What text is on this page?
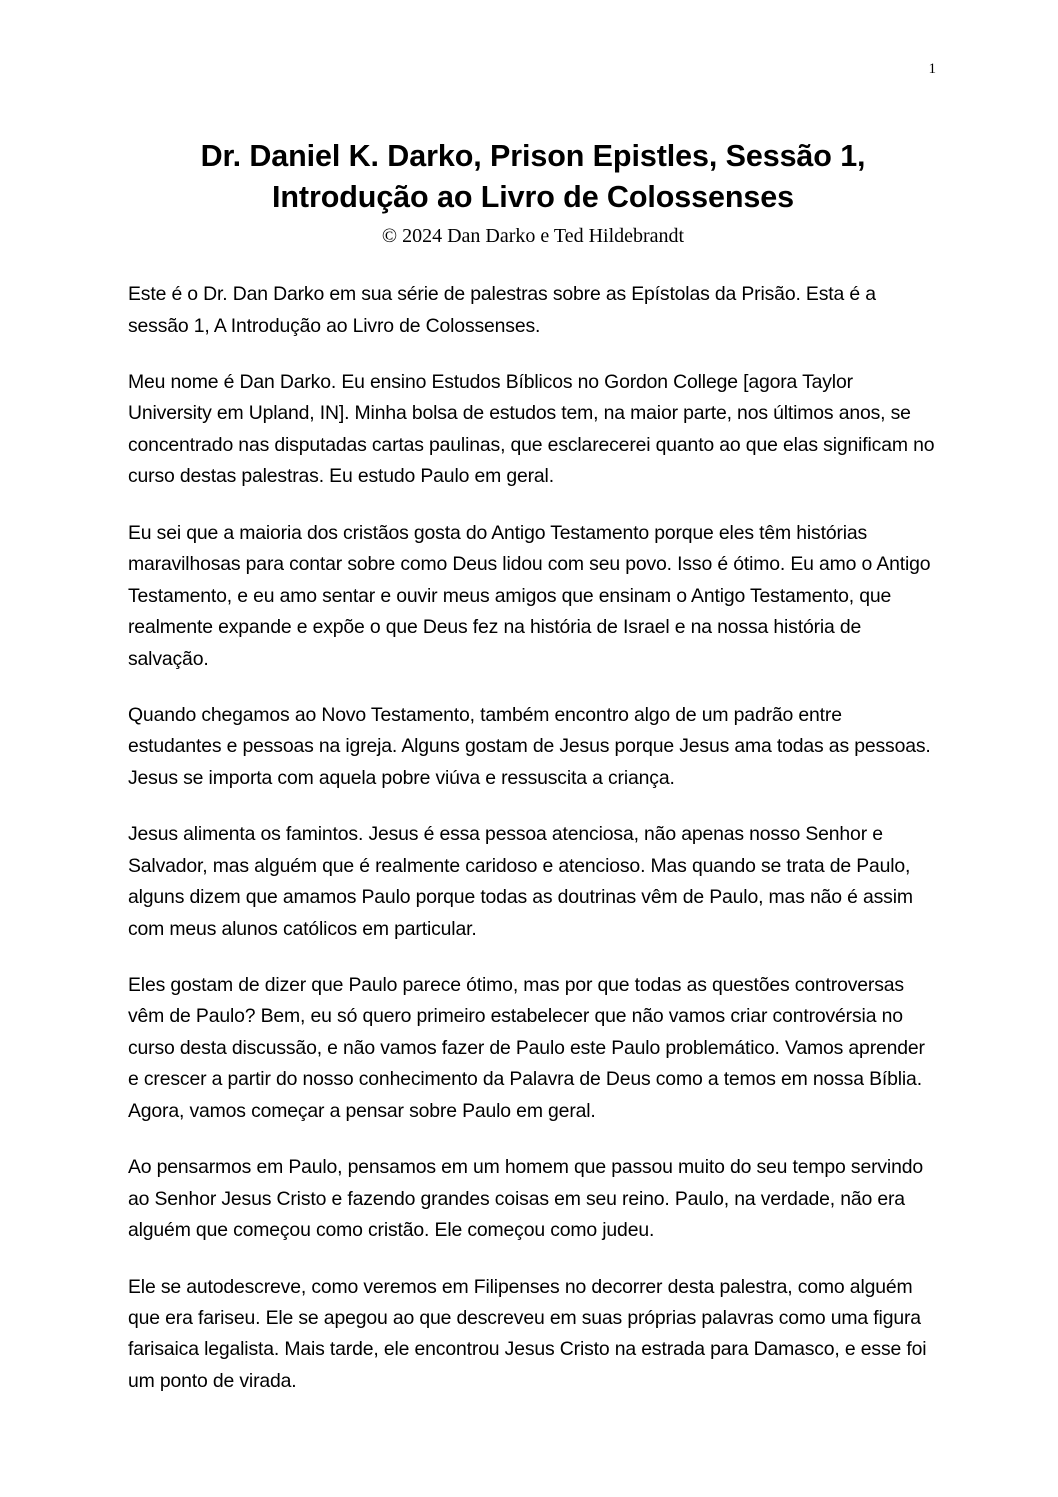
1
Dr. Daniel K. Darko, Prison Epistles, Sessão 1,
Introdução ao Livro de Colossenses
© 2024 Dan Darko e Ted Hildebrandt

Este é o Dr. Dan Darko em sua série de palestras sobre as Epístolas da Prisão. Esta é a sessão 1, A Introdução ao Livro de Colossenses.

Meu nome é Dan Darko. Eu ensino Estudos Bíblicos no Gordon College [agora Taylor University em Upland, IN]. Minha bolsa de estudos tem, na maior parte, nos últimos anos, se concentrado nas disputadas cartas paulinas, que esclarecerei quanto ao que elas significam no curso destas palestras. Eu estudo Paulo em geral.

Eu sei que a maioria dos cristãos gosta do Antigo Testamento porque eles têm histórias maravilhosas para contar sobre como Deus lidou com seu povo. Isso é ótimo. Eu amo o Antigo Testamento, e eu amo sentar e ouvir meus amigos que ensinam o Antigo Testamento, que realmente expande e expõe o que Deus fez na história de Israel e na nossa história de salvação.

Quando chegamos ao Novo Testamento, também encontro algo de um padrão entre estudantes e pessoas na igreja. Alguns gostam de Jesus porque Jesus ama todas as pessoas. Jesus se importa com aquela pobre viúva e ressuscita a criança.

Jesus alimenta os famintos. Jesus é essa pessoa atenciosa, não apenas nosso Senhor e Salvador, mas alguém que é realmente caridoso e atencioso. Mas quando se trata de Paulo, alguns dizem que amamos Paulo porque todas as doutrinas vêm de Paulo, mas não é assim com meus alunos católicos em particular.

Eles gostam de dizer que Paulo parece ótimo, mas por que todas as questões controversas vêm de Paulo? Bem, eu só quero primeiro estabelecer que não vamos criar controvérsia no curso desta discussão, e não vamos fazer de Paulo este Paulo problemático. Vamos aprender e crescer a partir do nosso conhecimento da Palavra de Deus como a temos em nossa Bíblia. Agora, vamos começar a pensar sobre Paulo em geral.

Ao pensarmos em Paulo, pensamos em um homem que passou muito do seu tempo servindo ao Senhor Jesus Cristo e fazendo grandes coisas em seu reino. Paulo, na verdade, não era alguém que começou como cristão. Ele começou como judeu.

Ele se autodescreve, como veremos em Filipenses no decorrer desta palestra, como alguém que era fariseu. Ele se apegou ao que descreveu em suas próprias palavras como uma figura farisaica legalista. Mais tarde, ele encontrou Jesus Cristo na estrada para Damasco, e esse foi um ponto de virada.
